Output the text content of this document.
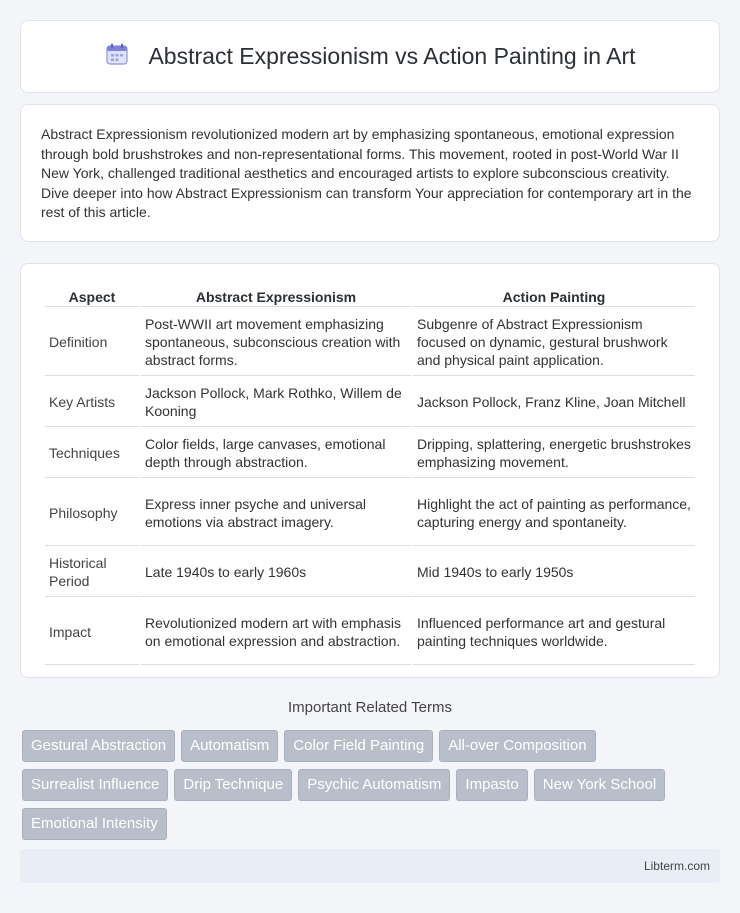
Abstract Expressionism vs Action Painting in Art

Abstract Expressionism revolutionized modern art by emphasizing spontaneous, emotional expression through bold brushstrokes and non-representational forms. This movement, rooted in post-World War II New York, challenged traditional aesthetics and encouraged artists to explore subconscious creativity. Dive deeper into how Abstract Expressionism can transform Your appreciation for contemporary art in the rest of this article.

Aspect	Abstract Expressionism	Action Painting
Definition	Post-WWII art movement emphasizing spontaneous, subconscious creation with abstract forms.	Subgenre of Abstract Expressionism focused on dynamic, gestural brushwork and physical paint application.
Key Artists	Jackson Pollock, Mark Rothko, Willem de Kooning	Jackson Pollock, Franz Kline, Joan Mitchell
Techniques	Color fields, large canvases, emotional depth through abstraction.	Dripping, splattering, energetic brushstrokes emphasizing movement.
Philosophy	Express inner psyche and universal emotions via abstract imagery.	Highlight the act of painting as performance, capturing energy and spontaneity.
Historical Period	Late 1940s to early 1960s	Mid 1940s to early 1950s
Impact	Revolutionized modern art with emphasis on emotional expression and abstraction.	Influenced performance art and gestural painting techniques worldwide.
Important Related Terms
Gestural Abstraction	Automatism	Color Field Painting	All-over Composition
Surrealist Influence	Drip Technique	Psychic Automatism	Impasto	New York School
Emotional Intensity
Libterm.com
